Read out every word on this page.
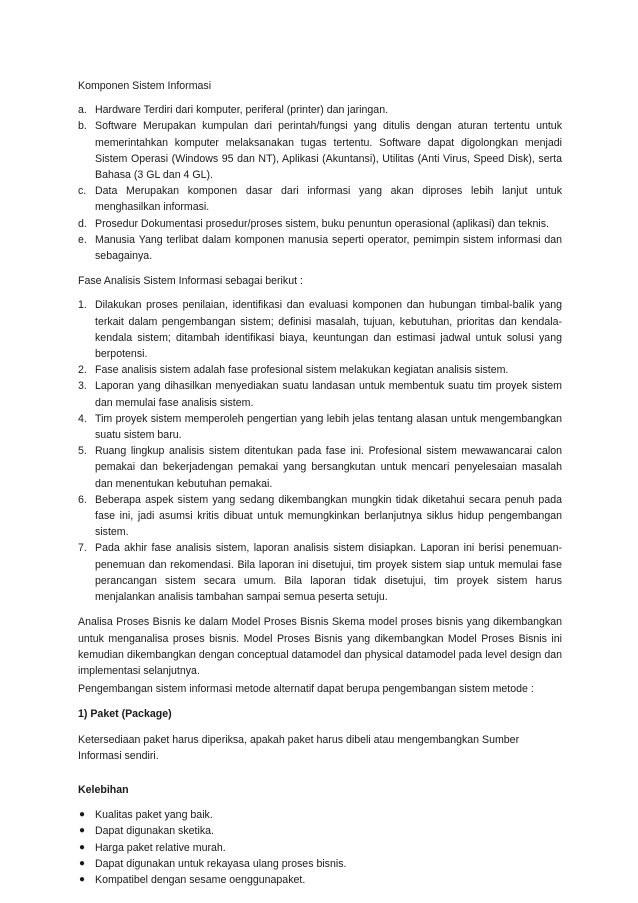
Komponen Sistem Informasi

a. Hardware Terdiri dari komputer, periferal (printer) dan jaringan.
b. Software Merupakan kumpulan dari perintah/fungsi yang ditulis dengan aturan tertentu untuk memerintahkan komputer melaksanakan tugas tertentu. Software dapat digolongkan menjadi Sistem Operasi (Windows 95 dan NT), Aplikasi (Akuntansi), Utilitas (Anti Virus, Speed Disk), serta Bahasa (3 GL dan 4 GL).
c. Data Merupakan komponen dasar dari informasi yang akan diproses lebih lanjut untuk menghasilkan informasi.
d. Prosedur Dokumentasi prosedur/proses sistem, buku penuntun operasional (aplikasi) dan teknis.
e. Manusia Yang terlibat dalam komponen manusia seperti operator, pemimpin sistem informasi dan sebagainya.

Fase Analisis Sistem Informasi sebagai berikut :

1. Dilakukan proses penilaian, identifikasi dan evaluasi komponen dan hubungan timbal-balik yang terkait dalam pengembangan sistem; definisi masalah, tujuan, kebutuhan, prioritas dan kendala-kendala sistem; ditambah identifikasi biaya, keuntungan dan estimasi jadwal untuk solusi yang berpotensi.
2. Fase analisis sistem adalah fase profesional sistem melakukan kegiatan analisis sistem.
3. Laporan yang dihasilkan menyediakan suatu landasan untuk membentuk suatu tim proyek sistem dan memulai fase analisis sistem.
4. Tim proyek sistem memperoleh pengertian yang lebih jelas tentang alasan untuk mengembangkan suatu sistem baru.
5. Ruang lingkup analisis sistem ditentukan pada fase ini. Profesional sistem mewawancarai calon pemakai dan bekerjadengan pemakai yang bersangkutan untuk mencari penyelesaian masalah dan menentukan kebutuhan pemakai.
6. Beberapa aspek sistem yang sedang dikembangkan mungkin tidak diketahui secara penuh pada fase ini, jadi asumsi kritis dibuat untuk memungkinkan berlanjutnya siklus hidup pengembangan sistem.
7. Pada akhir fase analisis sistem, laporan analisis sistem disiapkan. Laporan ini berisi penemuan-penemuan dan rekomendasi. Bila laporan ini disetujui, tim proyek sistem siap untuk memulai fase perancangan sistem secara umum. Bila laporan tidak disetujui, tim proyek sistem harus menjalankan analisis tambahan sampai semua peserta setuju.

Analisa Proses Bisnis ke dalam Model Proses Bisnis Skema model proses bisnis yang dikembangkan untuk menganalisa proses bisnis. Model Proses Bisnis yang dikembangkan Model Proses Bisnis ini kemudian dikembangkan dengan conceptual datamodel dan physical datamodel pada level design dan implementasi selanjutnya.

Pengembangan sistem informasi metode alternatif dapat berupa pengembangan sistem metode :

1) Paket (Package)

Ketersediaan paket harus diperiksa, apakah paket harus dibeli atau mengembangkan Sumber Informasi sendiri.

Kelebihan

● Kualitas paket yang baik.
● Dapat digunakan sketika.
● Harga paket relative murah.
● Dapat digunakan untuk rekayasa ulang proses bisnis.
● Kompatibel dengan sesame oenggunapaket.
